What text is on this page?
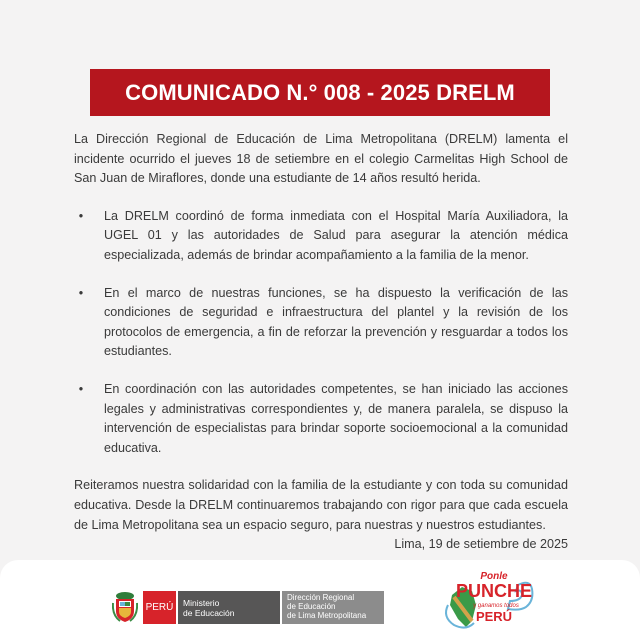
COMUNICADO N.° 008 - 2025 DRELM

La Dirección Regional de Educación de Lima Metropolitana (DRELM) lamenta el incidente ocurrido el jueves 18 de setiembre en el colegio Carmelitas High School de San Juan de Miraflores, donde una estudiante de 14 años resultó herida.

•	La DRELM coordinó de forma inmediata con el Hospital María Auxiliadora, la UGEL 01 y las autoridades de Salud para asegurar la atención médica especializada, además de brindar acompañamiento a la familia de la menor.
•	En el marco de nuestras funciones, se ha dispuesto la verificación de las condiciones de seguridad e infraestructura del plantel y la revisión de los protocolos de emergencia, a fin de reforzar la prevención y resguardar a todos los estudiantes.
•	En coordinación con las autoridades competentes, se han iniciado las acciones legales y administrativas correspondientes y, de manera paralela, se dispuso la intervención de especialistas para brindar soporte socioemocional a la comunidad educativa.

Reiteramos nuestra solidaridad con la familia de la estudiante y con toda su comunidad educativa. Desde la DRELM continuaremos trabajando con rigor para que cada escuela de Lima Metropolitana sea un espacio seguro, para nuestras y nuestros estudiantes.

Lima, 19 de setiembre de 2025
PERÚ	Ministerio
de Educación
Dirección Regional
de Educación
de Lima Metropolitana
Ponle
PUNCHE
y ganamos todos
PERÚ
